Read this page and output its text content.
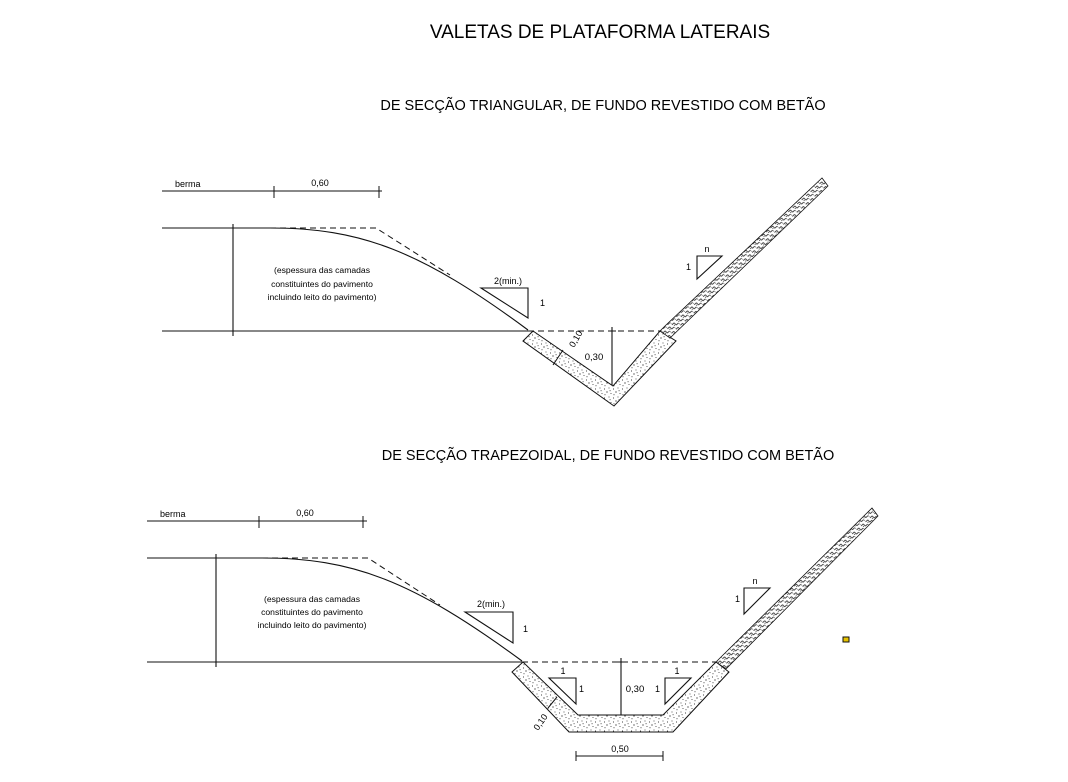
VALETAS DE PLATAFORMA LATERAIS
DE SECÇÃO TRIANGULAR, DE FUNDO REVESTIDO COM BETÃO
berma	0,60
(espessura das camadas
constituintes do pavimento
incluindo leito do pavimento)
2(min.)
1
0,30
0,10
n
1
DE SECÇÃO TRAPEZOIDAL, DE FUNDO REVESTIDO COM BETÃO
berma	0,60
(espessura das camadas
constituintes do pavimento
incluindo leito do pavimento)
2(min.)
1
1
1
1
1
0,30
0,10
0,50
n
1
